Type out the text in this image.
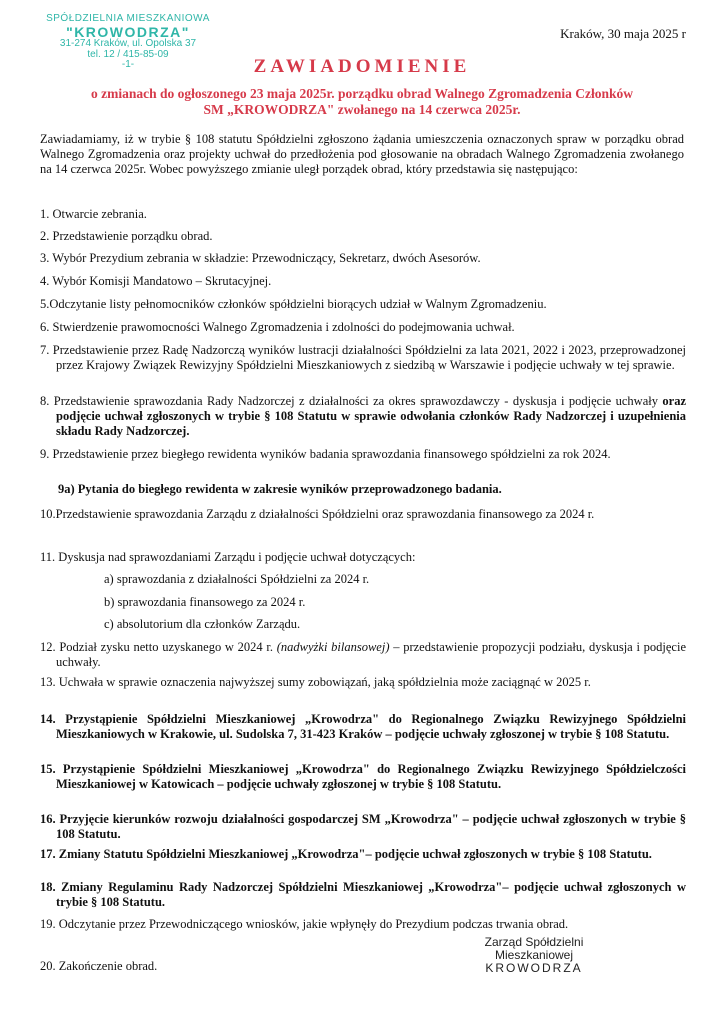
SPÓŁDZIELNIA MIESZKANIOWA
"KROWODRZA"
31-274 Kraków, ul. Opolska 37
tel. 12 / 415-85-09
-1-
Kraków, 30 maja 2025 r
ZAWIADOMIENIE
o zmianach do ogłoszonego 23 maja 2025r. porządku obrad Walnego Zgromadzenia Członków
SM „KROWODRZA" zwołanego na 14 czerwca 2025r.
Zawiadamiamy, iż w trybie § 108 statutu Spółdzielni zgłoszono żądania umieszczenia oznaczonych spraw w porządku obrad Walnego Zgromadzenia oraz projekty uchwał do przedłożenia pod głosowanie na obradach Walnego Zgromadzenia zwołanego na 14 czerwca 2025r. Wobec powyższego zmianie uległ porządek obrad, który przedstawia się następująco:
1. Otwarcie zebrania.
2. Przedstawienie porządku obrad.
3. Wybór Prezydium zebrania w składzie: Przewodniczący, Sekretarz, dwóch Asesorów.
4. Wybór Komisji Mandatowo – Skrutacyjnej.
5.Odczytanie listy pełnomocników członków spółdzielni biorących udział w Walnym Zgromadzeniu.
6. Stwierdzenie prawomocności Walnego Zgromadzenia i zdolności do podejmowania uchwał.
7. Przedstawienie przez Radę Nadzorczą wyników lustracji działalności Spółdzielni za lata 2021, 2022 i 2023, przeprowadzonej przez Krajowy Związek Rewizyjny Spółdzielni Mieszkaniowych z siedzibą w Warszawie i podjęcie uchwały w tej sprawie.
8. Przedstawienie sprawozdania Rady Nadzorczej z działalności za okres sprawozdawczy - dyskusja i podjęcie uchwały oraz podjęcie uchwał zgłoszonych w trybie § 108 Statutu w sprawie odwołania członków Rady Nadzorczej i uzupełnienia składu Rady Nadzorczej.
9. Przedstawienie przez biegłego rewidenta wyników badania sprawozdania finansowego spółdzielni za rok 2024.
9a) Pytania do biegłego rewidenta w zakresie wyników przeprowadzonego badania.
10.Przedstawienie sprawozdania Zarządu z działalności Spółdzielni oraz sprawozdania finansowego za 2024 r.
11. Dyskusja nad sprawozdaniami Zarządu i podjęcie uchwał dotyczących:
a) sprawozdania z działalności Spółdzielni za 2024 r.
b) sprawozdania finansowego za 2024 r.
c) absolutorium dla członków Zarządu.
12. Podział zysku netto uzyskanego w 2024 r. (nadwyżki bilansowej) – przedstawienie propozycji podziału, dyskusja i podjęcie uchwały.
13. Uchwała w sprawie oznaczenia najwyższej sumy zobowiązań, jaką spółdzielnia może zaciągnąć w 2025 r.
14. Przystąpienie Spółdzielni Mieszkaniowej „Krowodrza" do Regionalnego Związku Rewizyjnego Spółdzielni Mieszkaniowych w Krakowie, ul. Sudolska 7, 31-423 Kraków – podjęcie uchwały zgłoszonej w trybie § 108 Statutu.
15. Przystąpienie Spółdzielni Mieszkaniowej „Krowodrza" do Regionalnego Związku Rewizyjnego Spółdzielczości Mieszkaniowej w Katowicach – podjęcie uchwały zgłoszonej w trybie § 108 Statutu.
16. Przyjęcie kierunków rozwoju działalności gospodarczej SM „Krowodrza" – podjęcie uchwał zgłoszonych w trybie § 108 Statutu.
17. Zmiany Statutu Spółdzielni Mieszkaniowej „Krowodrza"– podjęcie uchwał zgłoszonych w trybie § 108 Statutu.
18. Zmiany Regulaminu Rady Nadzorczej Spółdzielni Mieszkaniowej „Krowodrza"– podjęcie uchwał zgłoszonych w trybie § 108 Statutu.
19. Odczytanie przez Przewodniczącego wniosków, jakie wpłynęły do Prezydium podczas trwania obrad.
20. Zakończenie obrad.
Zarząd Spółdzielni
Mieszkaniowej
KROWODRZA
